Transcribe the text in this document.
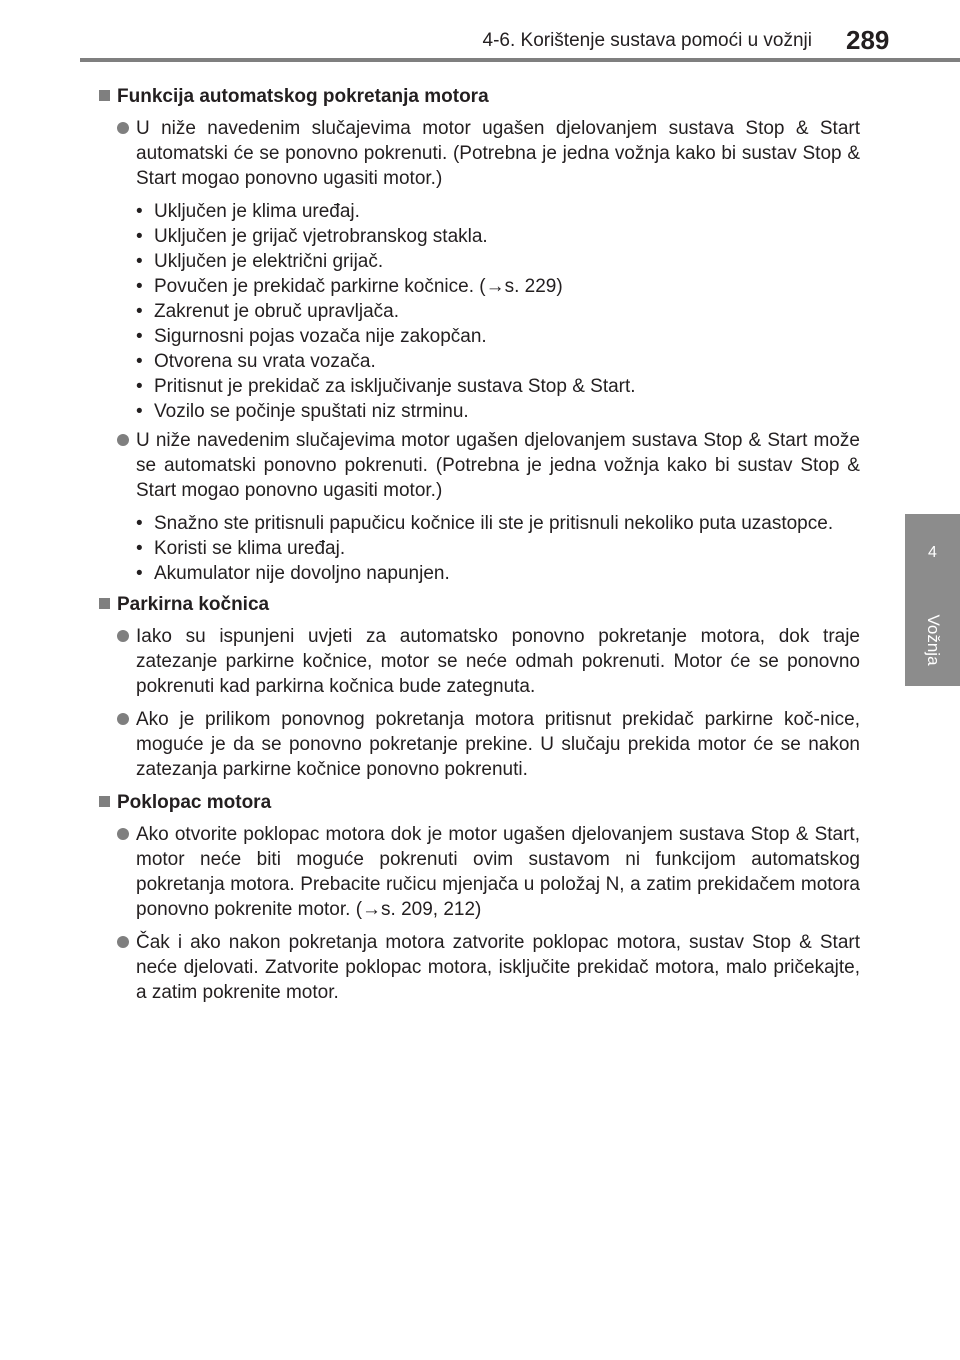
4-6. Korištenje sustava pomoći u vožnji 289
4
Vožnja
Funkcija automatskog pokretanja motora
U niže navedenim slučajevima motor ugašen djelovanjem sustava Stop & Start automatski će se ponovno pokrenuti. (Potrebna je jedna vožnja kako bi sustav Stop & Start mogao ponovno ugasiti motor.)
• Uključen je klima uređaj.
• Uključen je grijač vjetrobranskog stakla.
• Uključen je električni grijač.
• Povučen je prekidač parkirne kočnice. (→s. 229)
• Zakrenut je obruč upravljača.
• Sigurnosni pojas vozača nije zakopčan.
• Otvorena su vrata vozača.
• Pritisnut je prekidač za isključivanje sustava Stop & Start.
• Vozilo se počinje spuštati niz strminu.
U niže navedenim slučajevima motor ugašen djelovanjem sustava Stop & Start može se automatski ponovno pokrenuti. (Potrebna je jedna vožnja kako bi sustav Stop & Start mogao ponovno ugasiti motor.)
• Snažno ste pritisnuli papučicu kočnice ili ste je pritisnuli nekoliko puta uzastopce.
• Koristi se klima uređaj.
• Akumulator nije dovoljno napunjen.
Parkirna kočnica
Iako su ispunjeni uvjeti za automatsko ponovno pokretanje motora, dok traje zatezanje parkirne kočnice, motor se neće odmah pokrenuti. Motor će se ponovno pokrenuti kad parkirna kočnica bude zategnuta.
Ako je prilikom ponovnog pokretanja motora pritisnut prekidač parkirne koč-nice, moguće je da se ponovno pokretanje prekine. U slučaju prekida motor će se nakon zatezanja parkirne kočnice ponovno pokrenuti.
Poklopac motora
Ako otvorite poklopac motora dok je motor ugašen djelovanjem sustava Stop & Start, motor neće biti moguće pokrenuti ovim sustavom ni funkcijom automatskog pokretanja motora. Prebacite ručicu mjenjača u položaj N, a zatim prekidačem motora ponovno pokrenite motor. (→s. 209, 212)
Čak i ako nakon pokretanja motora zatvorite poklopac motora, sustav Stop & Start neće djelovati. Zatvorite poklopac motora, isključite prekidač motora, malo pričekajte, a zatim pokrenite motor.
